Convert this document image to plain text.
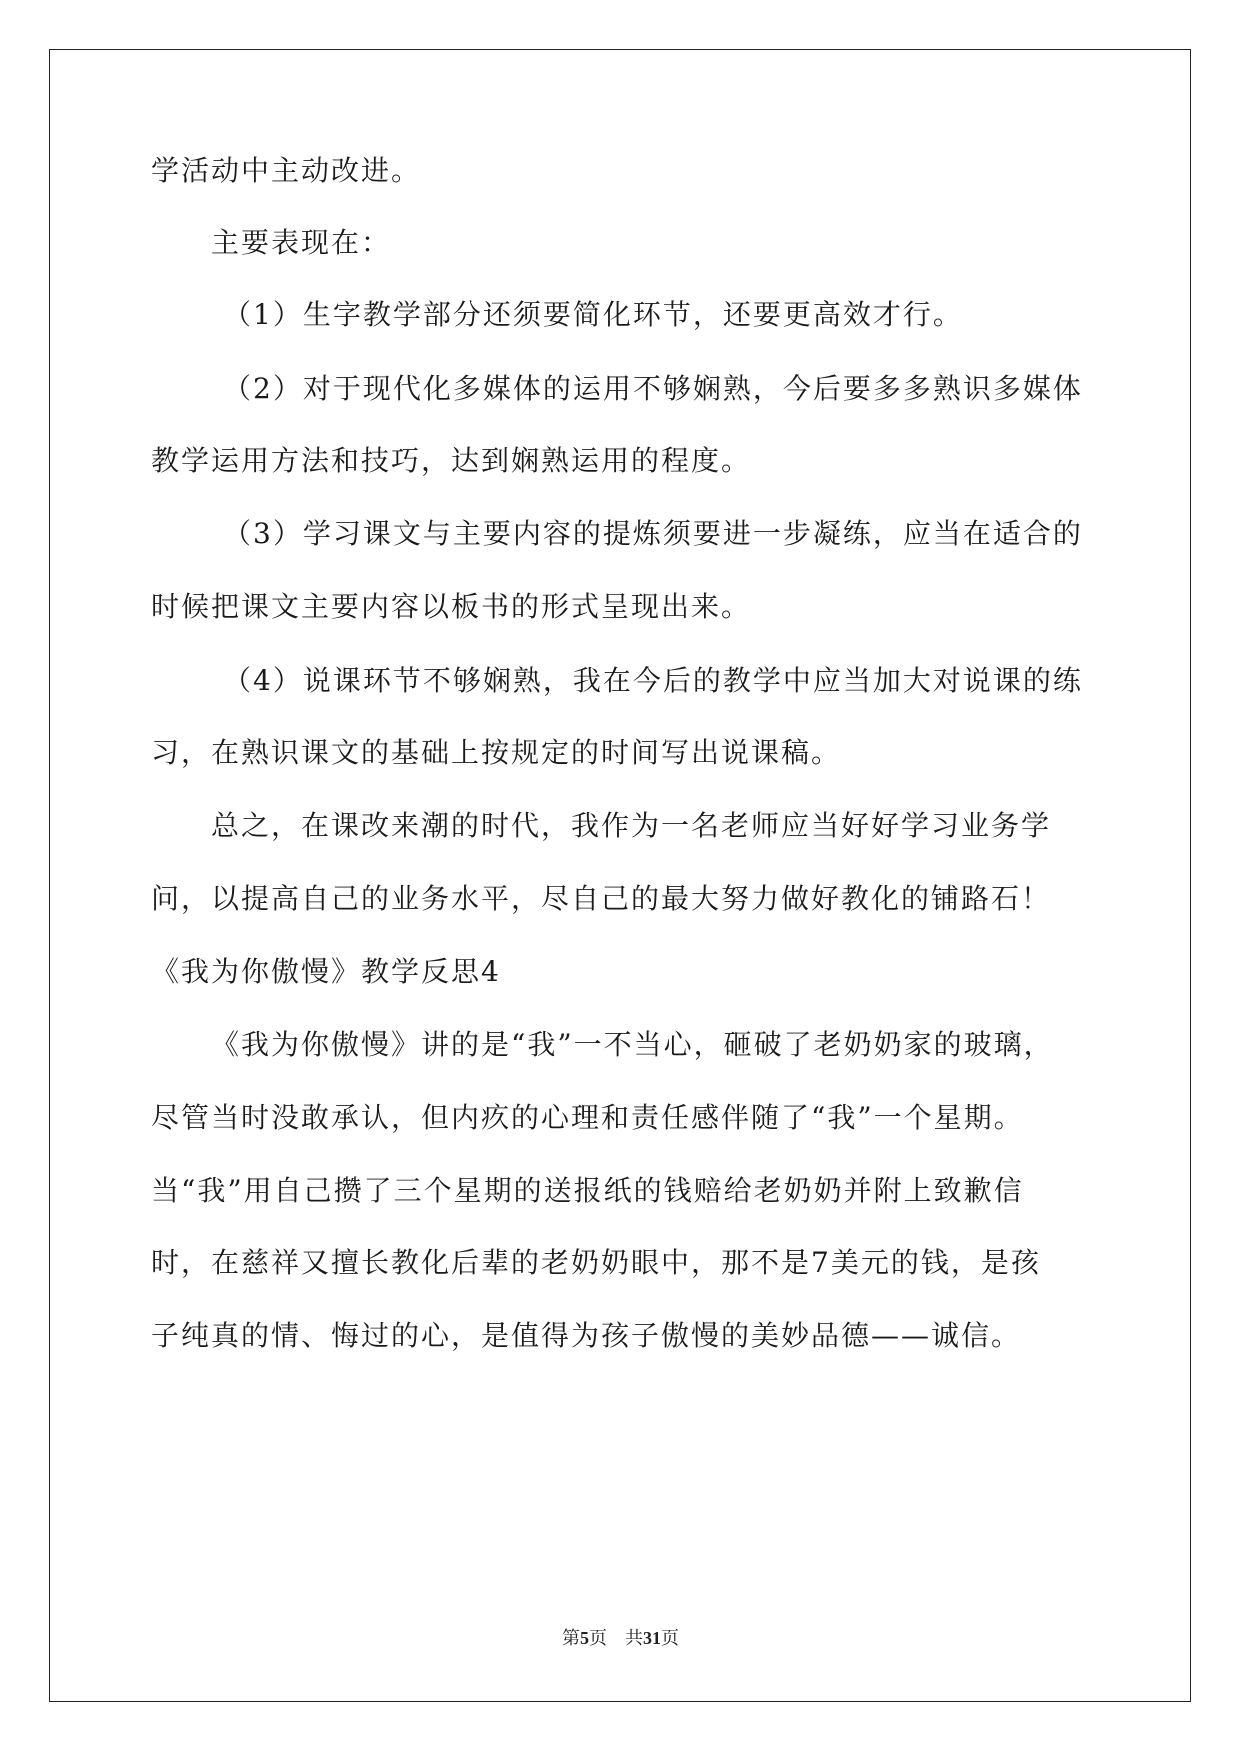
学活动中主动改进。
主要表现在：
（1）生字教学部分还须要简化环节，还要更高效才行。
（2）对于现代化多媒体的运用不够娴熟，今后要多多熟识多媒体
教学运用方法和技巧，达到娴熟运用的程度。
（3）学习课文与主要内容的提炼须要进一步凝练，应当在适合的
时候把课文主要内容以板书的形式呈现出来。
（4）说课环节不够娴熟，我在今后的教学中应当加大对说课的练
习，在熟识课文的基础上按规定的时间写出说课稿。
总之，在课改来潮的时代，我作为一名老师应当好好学习业务学
问，以提高自己的业务水平，尽自己的最大努力做好教化的铺路石！
《我为你傲慢》教学反思4
《我为你傲慢》讲的是“我”一不当心，砸破了老奶奶家的玻璃，
尽管当时没敢承认，但内疚的心理和责任感伴随了“我”一个星期。
当“我”用自己攒了三个星期的送报纸的钱赔给老奶奶并附上致歉信
时，在慈祥又擅长教化后辈的老奶奶眼中，那不是7美元的钱，是孩
子纯真的情、悔过的心，是值得为孩子傲慢的美妙品德——诚信。
第5页 共31页
